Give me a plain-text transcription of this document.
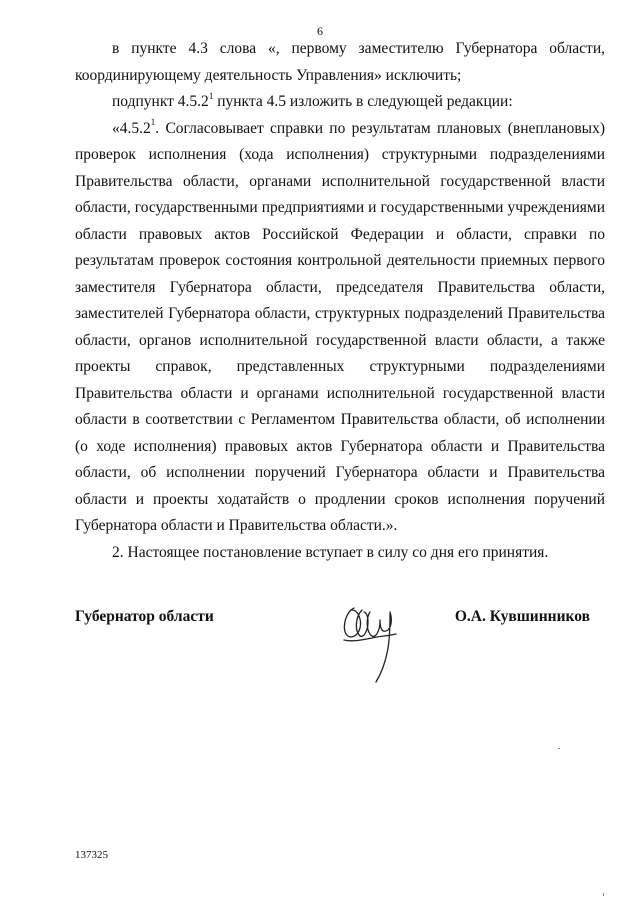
6

в пункте 4.3 слова «, первому заместителю Губернатора области, координирующему деятельность Управления» исключить;

подпункт 4.5.2$^1$ пункта 4.5 изложить в следующей редакции:

«4.5.2$^1$. Согласовывает справки по результатам плановых (внеплановых) проверок исполнения (хода исполнения) структурными подразделениями Правительства области, органами исполнительной государственной власти области, государственными предприятиями и государственными учреждениями области правовых актов Российской Федерации и области, справки по результатам проверок состояния контрольной деятельности приемных первого заместителя Губернатора области, председателя Правительства области, заместителей Губернатора области, структурных подразделений Правительства области, органов исполнительной государственной власти области, а также проекты справок, представленных структурными подразделениями Правительства области и органами исполнительной государственной власти области в соответствии с Регламентом Правительства области, об исполнении (о ходе исполнения) правовых актов Губернатора области и Правительства области, об исполнении поручений Губернатора области и Правительства области и проекты ходатайств о продлении сроков исполнения поручений Губернатора области и Правительства области.».

2. Настоящее постановление вступает в силу со дня его принятия.

Губернатор области	О.А. Кувшинников
137325
